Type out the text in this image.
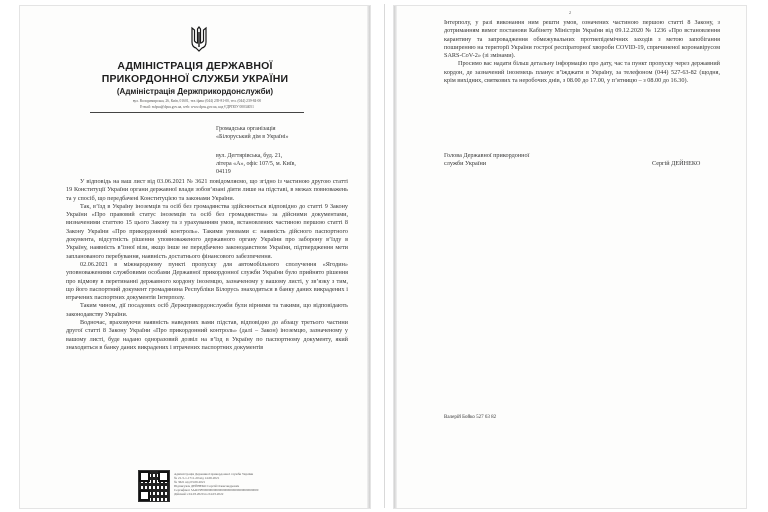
АДМІНІСТРАЦІЯ ДЕРЖАВНОЇ
ПРИКОРДОННОЇ СЛУЖБИ УКРАЇНИ
(Адміністрація Держприкордонслужби)
вул. Володимирська, 26, Київ, 01601, тел./факс (044) 239-81-00, тел. (044) 239-84-00
E-mail: mfpsu@dpsu.gov.ua, web: www.dpsu.gov.ua, код ЄДРПОУ 00034051
Громадська організація
«Білоруський дім в Україні»
вул. Дегтярівська, буд. 21,
літера «А», офіс 107/5, м. Київ,
04119

У відповідь на ваш лист від 03.06.2021 № 3621 повідомляємо, що згідно із частиною другою статті 19 Конституції України органи державної влади зобов’язані діяти лише на підставі, в межах повноважень та у спосіб, що передбачені Конституцією та законами України.

Так, в’їзд в Україну іноземців та осіб без громадянства здійснюється відповідно до статті 9 Закону України «Про правовий статус іноземців та осіб без громадянства» за дійсними документами, визначеними статтею 15 цього Закону та з урахуванням умов, встановлених частиною першою статті 8 Закону України «Про прикордонний контроль». Такими умовами є: наявність дійсного паспортного документа, відсутність рішення уповноваженого державного органу України про заборону в’їзду в Україну, наявність в’їзної візи, якщо інше не передбачено законодавством України, підтвердження мети запланованого перебування, наявність достатнього фінансового забезпечення.

02.06.2021 в міжнародному пункті пропуску для автомобільного сполучення «Ягодин» уповноваженими службовими особами Державної прикордонної служби України було прийнято рішення про відмову в перетинанні державного кордону іноземцю, зазначеному у вашому листі, у зв’язку з тим, що його паспортний документ громадянина Республіки Білорусь знаходиться в банку даних викрадених і втрачених паспортних документів Інтерполу.

Таким чином, дії посадових осіб Держприкордонслужби були вірними та такими, що відповідають законодавству України.

Водночас, враховуючи наявність наведених вами підстав, відповідно до абзацу третього частини другої статті 8 Закону України «Про прикордонний контроль» (далі – Закон) іноземцю, зазначеному у вашому листі, буде надано одноразовий дозвіл на в’їзд в Україну по паспортному документу, який знаходиться в банку даних викрадених і втрачених паспортних документів

Адміністрація Державної прикордонної служби України
№ 21-5-1-1711-20 від 14.06.2021
№ 3621 від 03.06.2021
Підписувач ДЕЙНЕКО Сергій Олександрович
Сертифікат 5A4D3F0000000000000000000000000000000000
Дійсний з 04.03.2020 по 04.03.2022
2

Інтерполу, у разі виконання ним решти умов, означених частиною першою статті 8 Закону, з дотриманням вимог постанови Кабінету Міністрів України від 09.12.2020 № 1236 «Про встановлення карантину та запровадження обмежувальних протиепідемічних заходів з метою запобігання поширенню на території України гострої респіраторної хвороби COVID-19, спричиненої коронавірусом SARS-CoV-2» (зі змінами).

Просимо вас надати більш детальну інформацію про дату, час та пункт пропуску через державний кордон, де зазначений іноземець планує в’їжджати в Україну, за телефоном (044) 527-63-82 (щодня, крім вихідних, святкових та неробочих днів, з 08.00 до 17.00, у п’ятницю – з 08.00 до 16.30).

Голова Державної прикордонної
служби України	Сергій ДЕЙНЕКО
Валерій Бойко 527 63 82
